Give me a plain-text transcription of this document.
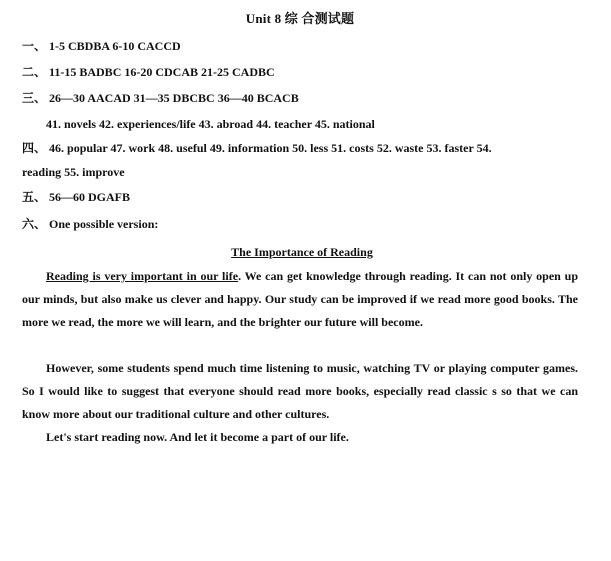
Unit 8 综 合测试题
一、 1-5 CBDBA 6-10 CACCD
二、 11-15 BADBC 16-20 CDCAB 21-25 CADBC
三、 26—30 AACAD 31—35 DBCBC 36—40 BCACB
41. novels 42. experiences/life 43. abroad 44. teacher 45. national
四、 46. popular 47. work 48. useful 49. information 50. less 51. costs 52. waste 53. faster 54.
reading 55. improve
五、 56—60 DGAFB
六、 One possible version:
The Importance of Reading

Reading is very important in our life. We can get knowledge through reading. It can not only open up our minds, but also make us clever and happy. Our study can be improved if we read more good books. The more we read, the more we will learn, and the brighter our future will become.

However, some students spend much time listening to music, watching TV or playing computer games. So I would like to suggest that everyone should read more books, especially read classic s so that we can know more about our traditional culture and other cultures.

Let's start reading now. And let it become a part of our life.
